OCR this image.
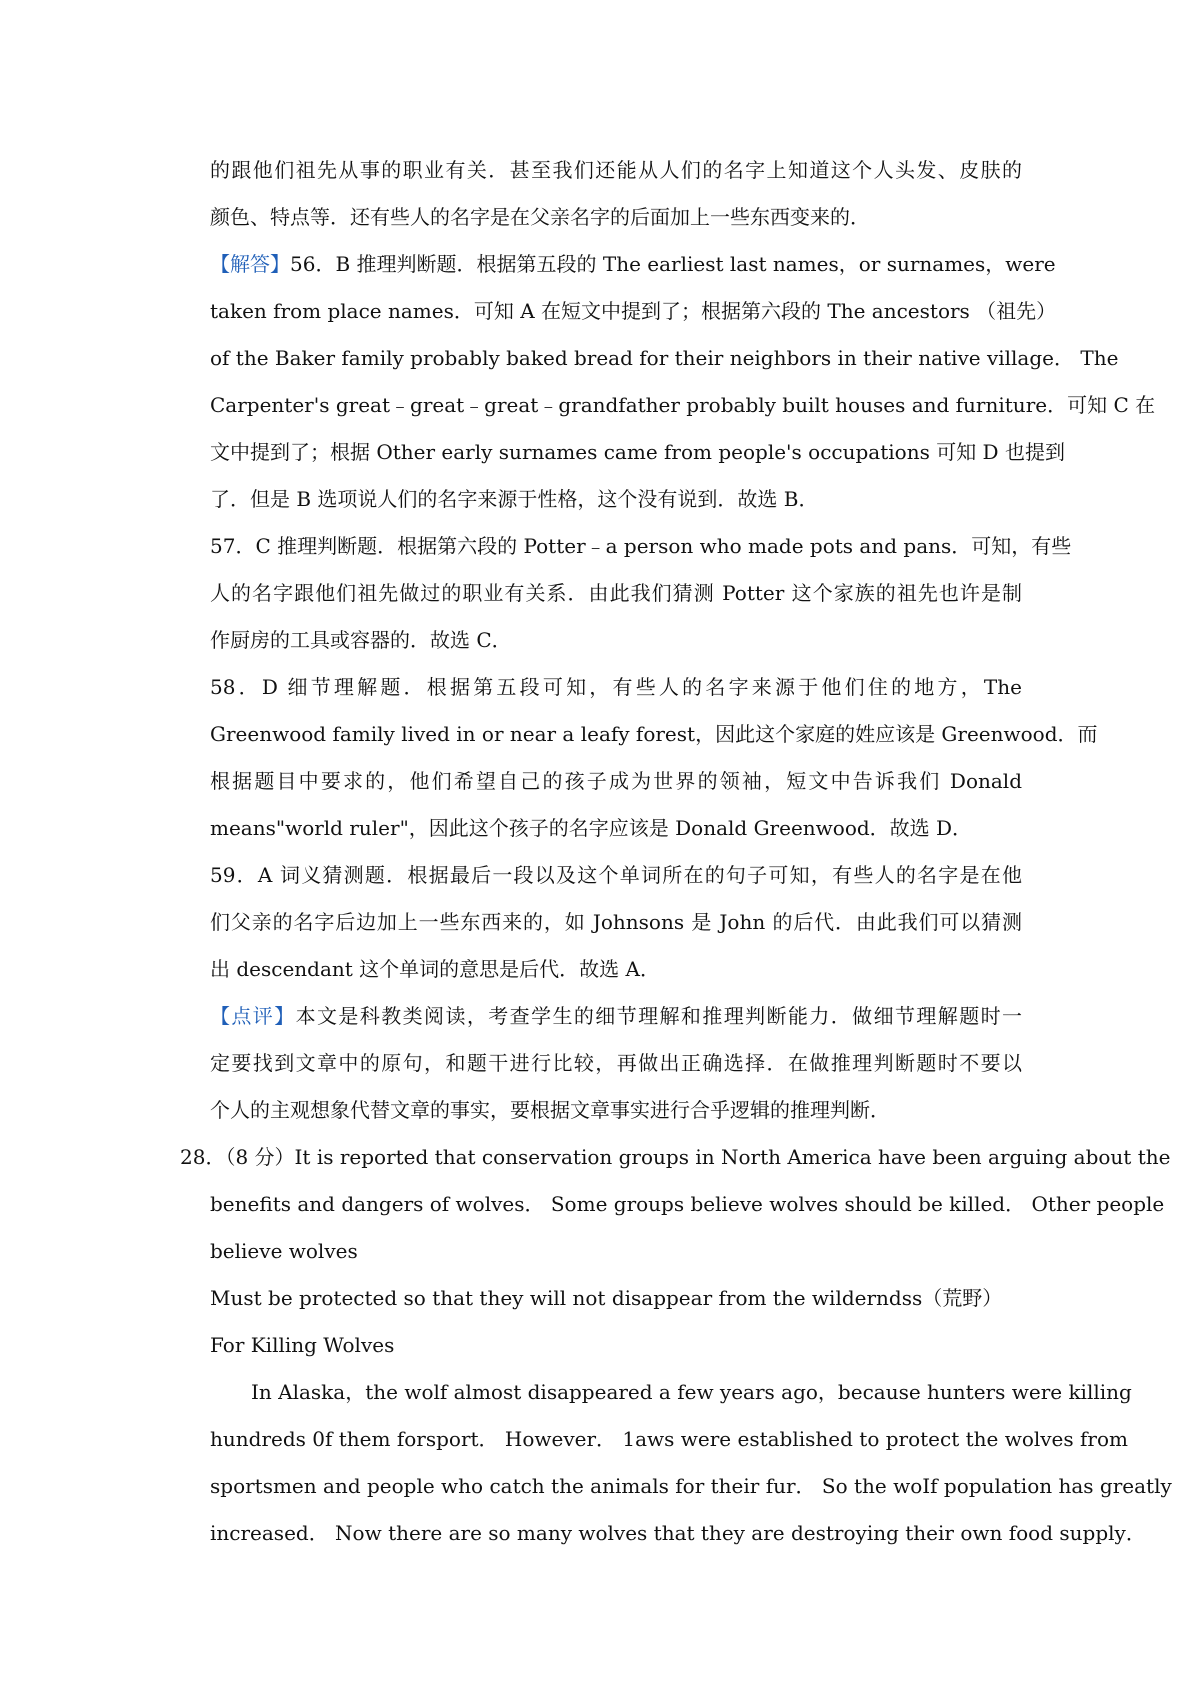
的跟他们祖先从事的职业有关．甚至我们还能从人们的名字上知道这个人头发、皮肤的
颜色、特点等．还有些人的名字是在父亲名字的后面加上一些东西变来的．
【解答】56．B 推理判断题．根据第五段的 The earliest last names，or surnames，were
taken from place names．可知 A 在短文中提到了；根据第六段的 The ancestors （祖先）
of the Baker family probably baked bread for their neighbors in their native village． The
Carpenter's great﹣great﹣great﹣grandfather probably built houses and furniture．可知 C 在
文中提到了；根据 Other early surnames came from people's occupations 可知 D 也提到
了．但是 B 选项说人们的名字来源于性格，这个没有说到．故选 B．
57．C 推理判断题．根据第六段的 Potter﹣a person who made pots and pans．可知，有些
人的名字跟他们祖先做过的职业有关系．由此我们猜测 Potter 这个家族的祖先也许是制
作厨房的工具或容器的．故选 C．
58．D 细节理解题．根据第五段可知，有些人的名字来源于他们住的地方，The
Greenwood family lived in or near a leafy forest，因此这个家庭的姓应该是 Greenwood．而
根据题目中要求的，他们希望自己的孩子成为世界的领袖，短文中告诉我们 Donald
means"world ruler"，因此这个孩子的名字应该是 Donald Greenwood．故选 D．
59．A 词义猜测题．根据最后一段以及这个单词所在的句子可知，有些人的名字是在他
们父亲的名字后边加上一些东西来的，如 Johnsons 是 John 的后代．由此我们可以猜测
出 descendant 这个单词的意思是后代．故选 A．
【点评】本文是科教类阅读，考查学生的细节理解和推理判断能力．做细节理解题时一
定要找到文章中的原句，和题干进行比较，再做出正确选择．在做推理判断题时不要以
个人的主观想象代替文章的事实，要根据文章事实进行合乎逻辑的推理判断．
28．（8 分）It is reported that conservation groups in North America have been arguing about the
benefits and dangers of wolves． Some groups believe wolves should be killed． Other people
believe wolves
Must be protected so that they will not disappear from the wilderndss（荒野）
For Killing Wolves
In Alaska，the wolf almost disappeared a few years ago，because hunters were killing
hundreds 0f them forsport． However． 1aws were established to protect the wolves from
sportsmen and people who catch the animals for their fur． So the woIf population has greatly
increased． Now there are so many wolves that they are destroying their own food supply．
